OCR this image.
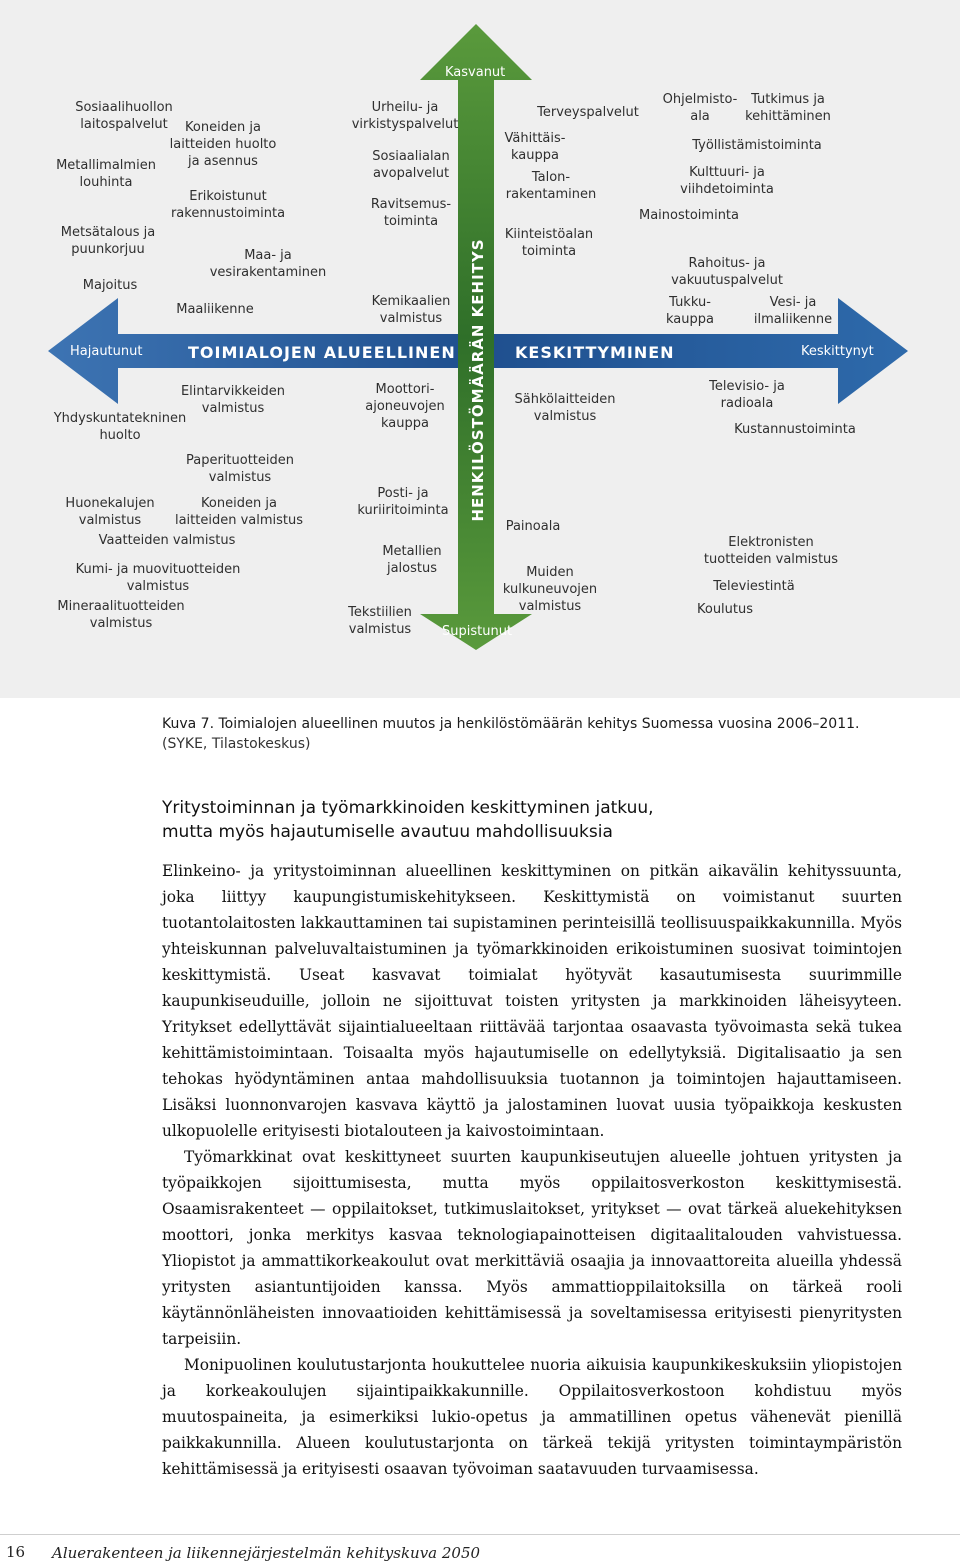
Kasvanut
Supistunut
Hajautunut	Keskittynyt
TOIMIALOJEN ALUEELLINEN	KESKITTYMINEN
HENKILÖSTÖMÄÄRÄN KEHITYS
Sosiaalihuollon
laitospalvelut	Koneiden ja
laitteiden huolto
ja asennus
Metallimalmien
louhinta
Erikoistunut
rakennustoiminta
Metsätalous ja
puunkorjuu	Maa- ja
vesirakentaminen
Majoitus
Maaliikenne
Urheilu- ja
virkistyspalvelut
Sosiaalialan
avopalvelut
Ravitsemus-
toiminta
Kemikaalien
valmistus
Terveyspalvelut
Vähittäis-
kauppa
Talon-
rakentaminen
Kiinteistöalan
toiminta
Ohjelmisto-
ala
Tutkimus ja
kehittäminen
Työllistämistoiminta
Kulttuuri- ja
viihdetoiminta
Mainostoiminta
Rahoitus- ja
vakuutuspalvelut
Tukku-
kauppa
Vesi- ja
ilmaliikenne
Elintarvikkeiden
valmistus
Yhdyskuntatekninen
huolto
Paperituotteiden
valmistus
Huonekalujen
valmistus
Koneiden ja
laitteiden valmistus
Vaatteiden valmistus
Kumi- ja muovituotteiden
valmistus
Mineraalituotteiden
valmistus
Moottori-
ajoneuvojen
kauppa
Posti- ja
kuriiritoiminta
Metallien
jalostus
Tekstiilien
valmistus
Sähkölaitteiden
valmistus
Painoala
Muiden
kulkuneuvojen
valmistus
Televisio- ja
radioala
Kustannustoiminta
Elektronisten
tuotteiden valmistus
Televiestintä
Koulutus
Kuva 7. Toimialojen alueellinen muutos ja henkilöstömäärän kehitys Suomessa vuosina 2006–2011.
(SYKE, Tilastokeskus)
Yritystoiminnan ja työmarkkinoiden keskittyminen jatkuu,
mutta myös hajautumiselle avautuu mahdollisuuksia

Elinkeino- ja yritystoiminnan alueellinen keskittyminen on pitkän aikavälin kehityssuunta, joka liittyy kaupungistumiskehitykseen. Keskittymistä on voimistanut suurten tuotantolaitosten lakkauttaminen tai supistaminen perinteisillä teollisuuspaikkakunnilla. Myös yhteiskunnan palveluvaltaistuminen ja työmarkkinoiden erikoistuminen suosivat toimintojen keskittymistä. Useat kasvavat toimialat hyötyvät kasautumisesta suurimmille kaupunkiseuduille, jolloin ne sijoittuvat toisten yritysten ja markkinoiden läheisyyteen. Yritykset edellyttävät sijaintialueeltaan riittävää tarjontaa osaavasta työvoimasta sekä tukea kehittämistoimintaan. Toisaalta myös hajautumiselle on edellytyksiä. Digitalisaatio ja sen tehokas hyödyntäminen antaa mahdollisuuksia tuotannon ja toimintojen hajauttamiseen. Lisäksi luonnonvarojen kasvava käyttö ja jalostaminen luovat uusia työpaikkoja keskusten ulkopuolelle erityisesti biotalouteen ja kaivostoimintaan.

Työmarkkinat ovat keskittyneet suurten kaupunkiseutujen alueelle johtuen yritysten ja työpaikkojen sijoittumisesta, mutta myös oppilaitosverkoston keskittymisestä. Osaamisrakenteet — oppilaitokset, tutkimuslaitokset, yritykset — ovat tärkeä aluekehityksen moottori, jonka merkitys kasvaa teknologiapainotteisen digitaalitalouden vahvistuessa. Yliopistot ja ammattikorkeakoulut ovat merkittäviä osaajia ja innovaattoreita alueilla yhdessä yritysten asiantuntijoiden kanssa. Myös ammattioppilaitoksilla on tärkeä rooli käytännönläheisten innovaatioiden kehittämisessä ja soveltamisessa erityisesti pienyritysten tarpeisiin.

Monipuolinen koulutustarjonta houkuttelee nuoria aikuisia kaupunkikeskuksiin yliopistojen ja korkeakoulujen sijaintipaikkakunnille. Oppilaitosverkostoon kohdistuu myös muutospaineita, ja esimerkiksi lukio-opetus ja ammatillinen opetus vähenevät pienillä paikkakunnilla. Alueen koulutustarjonta on tärkeä tekijä yritysten toimintaympäristön kehittämisessä ja erityisesti osaavan työvoiman saatavuuden turvaamisessa.

16 Aluerakenteen ja liikennejärjestelmän kehityskuva 2050
